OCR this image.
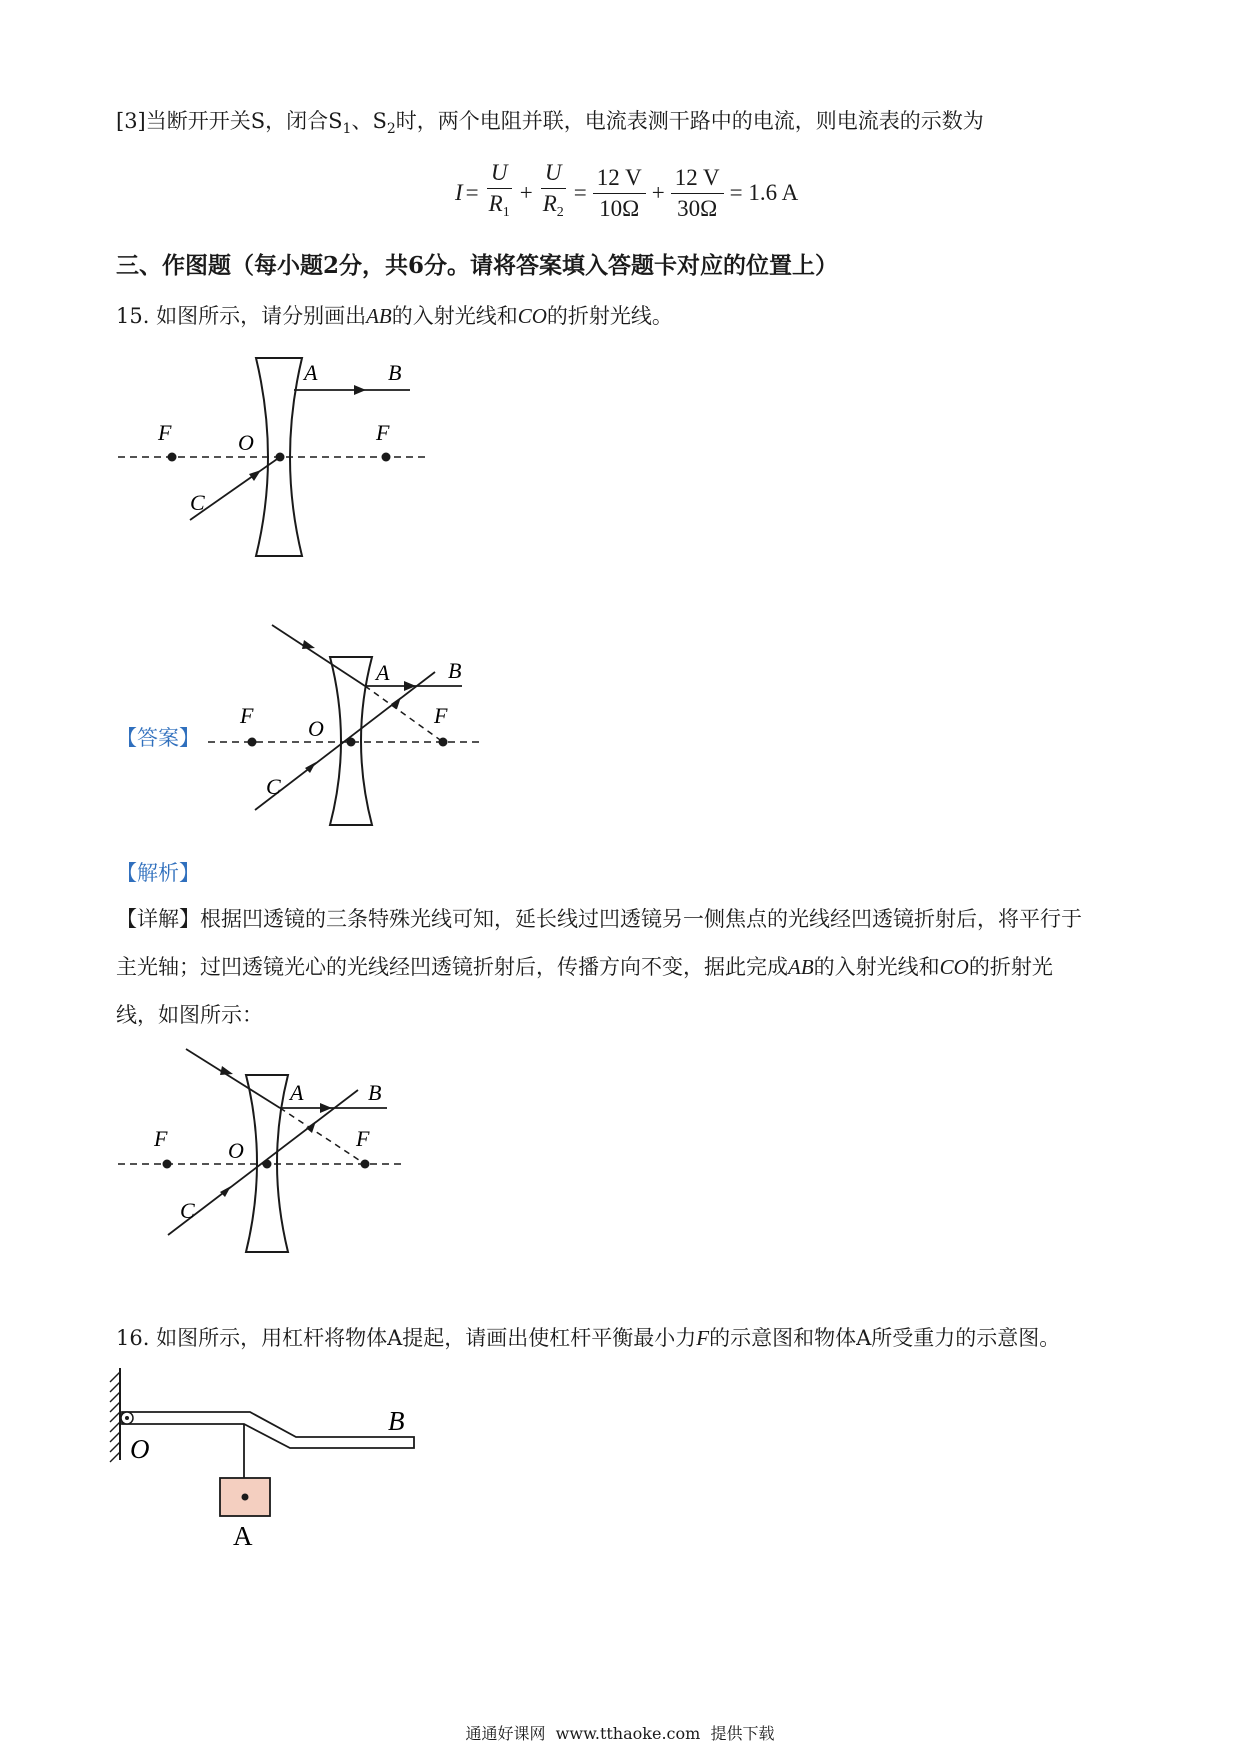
[3]当断开开关S，闭合$S_1$、$S_2$时，两个电阻并联，电流表测干路中的电流，则电流表的示数为
$I = \frac{U}{R_1} + \frac{U}{R_2} = \frac{12 V}{10\Omega} + \frac{12 V}{30\Omega} = 1.6$ A
三、作图题（每小题2分，共6分。请将答案填入答题卡对应的位置上）
15. 如图所示，请分别画出AB的入射光线和CO的折射光线。
A	B
F	O	F
C
【答案】
A	B
F
O
F
C
【解析】
【详解】根据凹透镜的三条特殊光线可知，延长线过凹透镜另一侧焦点的光线经凹透镜折射后，将平行于
主光轴；过凹透镜光心的光线经凹透镜折射后，传播方向不变，据此完成AB的入射光线和CO的折射光
线，如图所示：
A	B
F	O	F
C
16. 如图所示，用杠杆将物体A提起，请画出使杠杆平衡最小力F的示意图和物体A所受重力的示意图。
O
B
A
通通好课网  www.tthaoke.com  提供下载
